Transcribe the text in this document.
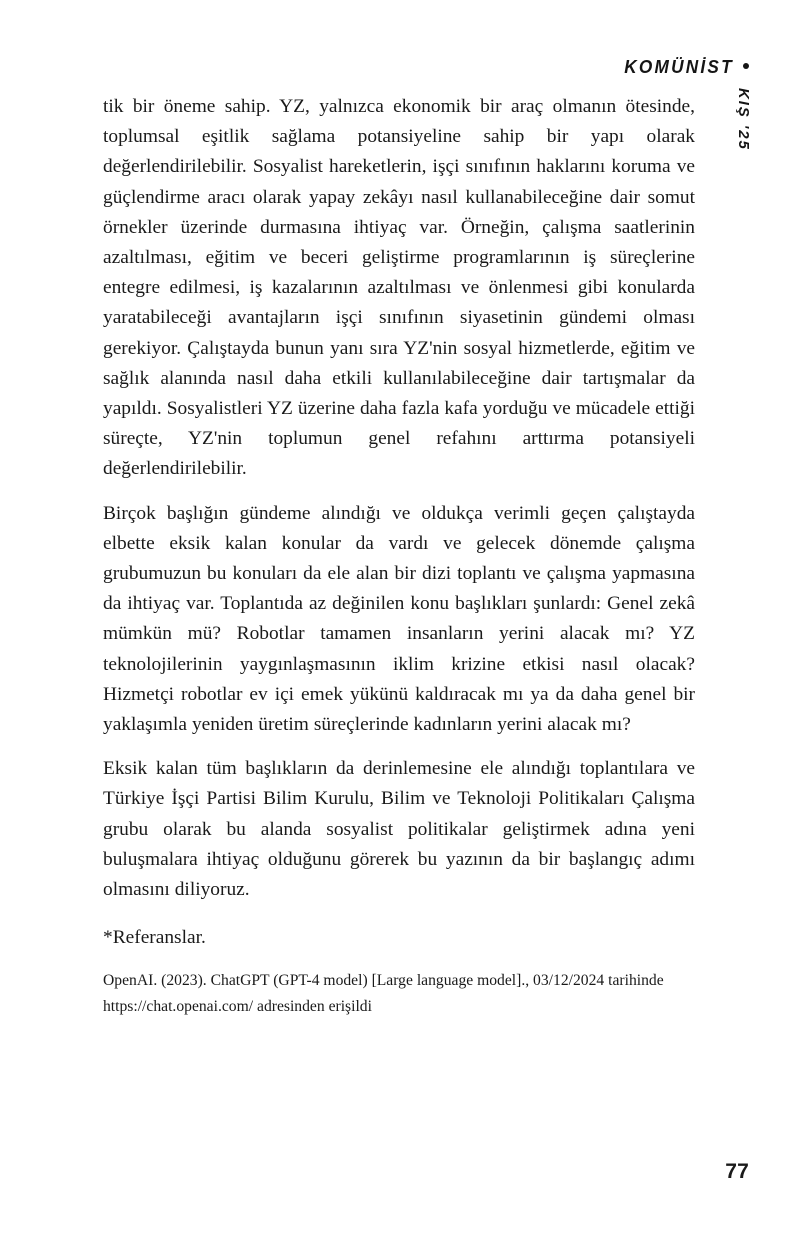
KOMÜNİST
KIŞ '25

tik bir öneme sahip. YZ, yalnızca ekonomik bir araç olmanın ötesinde, toplumsal eşitlik sağlama potansiyeline sahip bir yapı olarak değerlendirilebilir. Sosyalist hareketlerin, işçi sınıfının haklarını koruma ve güçlendirme aracı olarak yapay zekâyı nasıl kullanabileceğine dair somut örnekler üzerinde durmasına ihtiyaç var. Örneğin, çalışma saatlerinin azaltılması, eğitim ve beceri geliştirme programlarının iş süreçlerine entegre edilmesi, iş kazalarının azaltılması ve önlenmesi gibi konularda yaratabileceği avantajların işçi sınıfının siyasetinin gündemi olması gerekiyor. Çalıştayda bunun yanı sıra YZ'nin sosyal hizmetlerde, eğitim ve sağlık alanında nasıl daha etkili kullanılabileceğine dair tartışmalar da yapıldı. Sosyalistleri YZ üzerine daha fazla kafa yorduğu ve mücadele ettiği süreçte, YZ'nin toplumun genel refahını arttırma potansiyeli değerlendirilebilir.

Birçok başlığın gündeme alındığı ve oldukça verimli geçen çalıştayda elbette eksik kalan konular da vardı ve gelecek dönemde çalışma grubumuzun bu konuları da ele alan bir dizi toplantı ve çalışma yapmasına da ihtiyaç var. Toplantıda az değinilen konu başlıkları şunlardı: Genel zekâ mümkün mü? Robotlar tamamen insanların yerini alacak mı? YZ teknolojilerinin yaygınlaşmasının iklim krizine etkisi nasıl olacak? Hizmetçi robotlar ev içi emek yükünü kaldıracak mı ya da daha genel bir yaklaşımla yeniden üretim süreçlerinde kadınların yerini alacak mı?

Eksik kalan tüm başlıkların da derinlemesine ele alındığı toplantılara ve Türkiye İşçi Partisi Bilim Kurulu, Bilim ve Teknoloji Politikaları Çalışma grubu olarak bu alanda sosyalist politikalar geliştirmek adına yeni buluşmalara ihtiyaç olduğunu görerek bu yazının da bir başlangıç adımı olmasını diliyoruz.

*Referanslar.

OpenAI. (2023). ChatGPT (GPT-4 model) [Large language model]., 03/12/2024 tarihinde https://chat.openai.com/ adresinden erişildi

77
